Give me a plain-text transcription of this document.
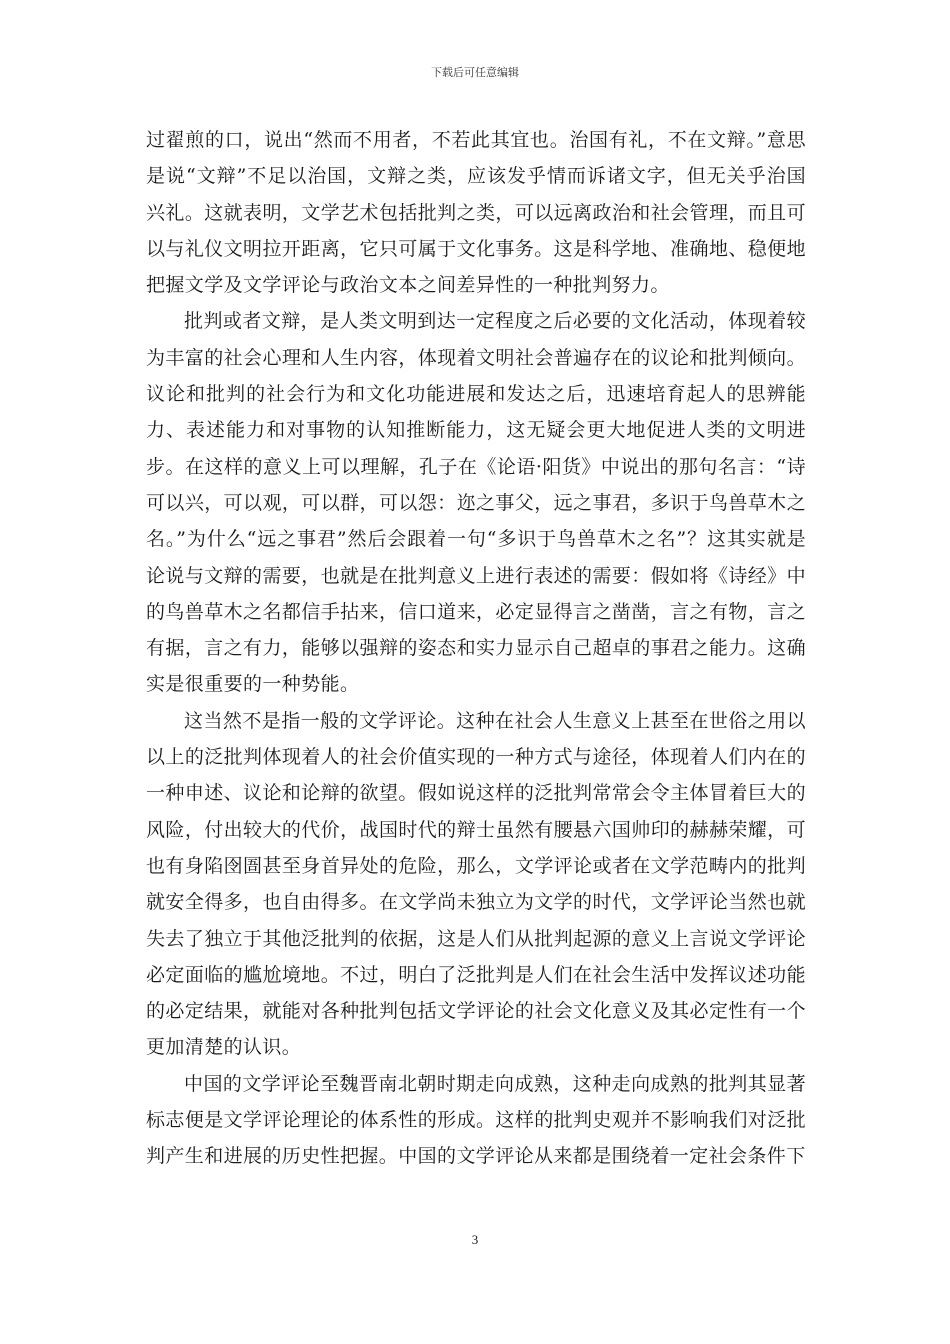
下载后可任意编辑

过翟煎的口，说出“然而不用者，不若此其宜也。治国有礼，不在文辩。”意思是说“文辩”不足以治国，文辩之类，应该发乎情而诉诸文字，但无关乎治国兴礼。这就表明，文学艺术包括批判之类，可以远离政治和社会管理，而且可以与礼仪文明拉开距离，它只可属于文化事务。这是科学地、准确地、稳便地把握文学及文学评论与政治文本之间差异性的一种批判努力。

批判或者文辩，是人类文明到达一定程度之后必要的文化活动，体现着较为丰富的社会心理和人生内容，体现着文明社会普遍存在的议论和批判倾向。议论和批判的社会行为和文化功能进展和发达之后，迅速培育起人的思辨能力、表述能力和对事物的认知推断能力，这无疑会更大地促进人类的文明进步。在这样的意义上可以理解，孔子在《论语·阳货》中说出的那句名言：“诗可以兴，可以观，可以群，可以怨：迩之事父，远之事君，多识于鸟兽草木之名。”为什么“远之事君”然后会跟着一句“多识于鸟兽草木之名”？这其实就是论说与文辩的需要，也就是在批判意义上进行表述的需要：假如将《诗经》中的鸟兽草木之名都信手拈来，信口道来，必定显得言之凿凿，言之有物，言之有据，言之有力，能够以强辩的姿态和实力显示自己超卓的事君之能力。这确实是很重要的一种势能。

这当然不是指一般的文学评论。这种在社会人生意义上甚至在世俗之用以以上的泛批判体现着人的社会价值实现的一种方式与途径，体现着人们内在的一种申述、议论和论辩的欲望。假如说这样的泛批判常常会令主体冒着巨大的风险，付出较大的代价，战国时代的辩士虽然有腰悬六国帅印的赫赫荣耀，可也有身陷囹圄甚至身首异处的危险，那么，文学评论或者在文学范畴内的批判就安全得多，也自由得多。在文学尚未独立为文学的时代，文学评论当然也就失去了独立于其他泛批判的依据，这是人们从批判起源的意义上言说文学评论必定面临的尴尬境地。不过，明白了泛批判是人们在社会生活中发挥议述功能的必定结果，就能对各种批判包括文学评论的社会文化意义及其必定性有一个更加清楚的认识。

中国的文学评论至魏晋南北朝时期走向成熟，这种走向成熟的批判其显著标志便是文学评论理论的体系性的形成。这样的批判史观并不影响我们对泛批判产生和进展的历史性把握。中国的文学评论从来都是围绕着一定社会条件下

3
